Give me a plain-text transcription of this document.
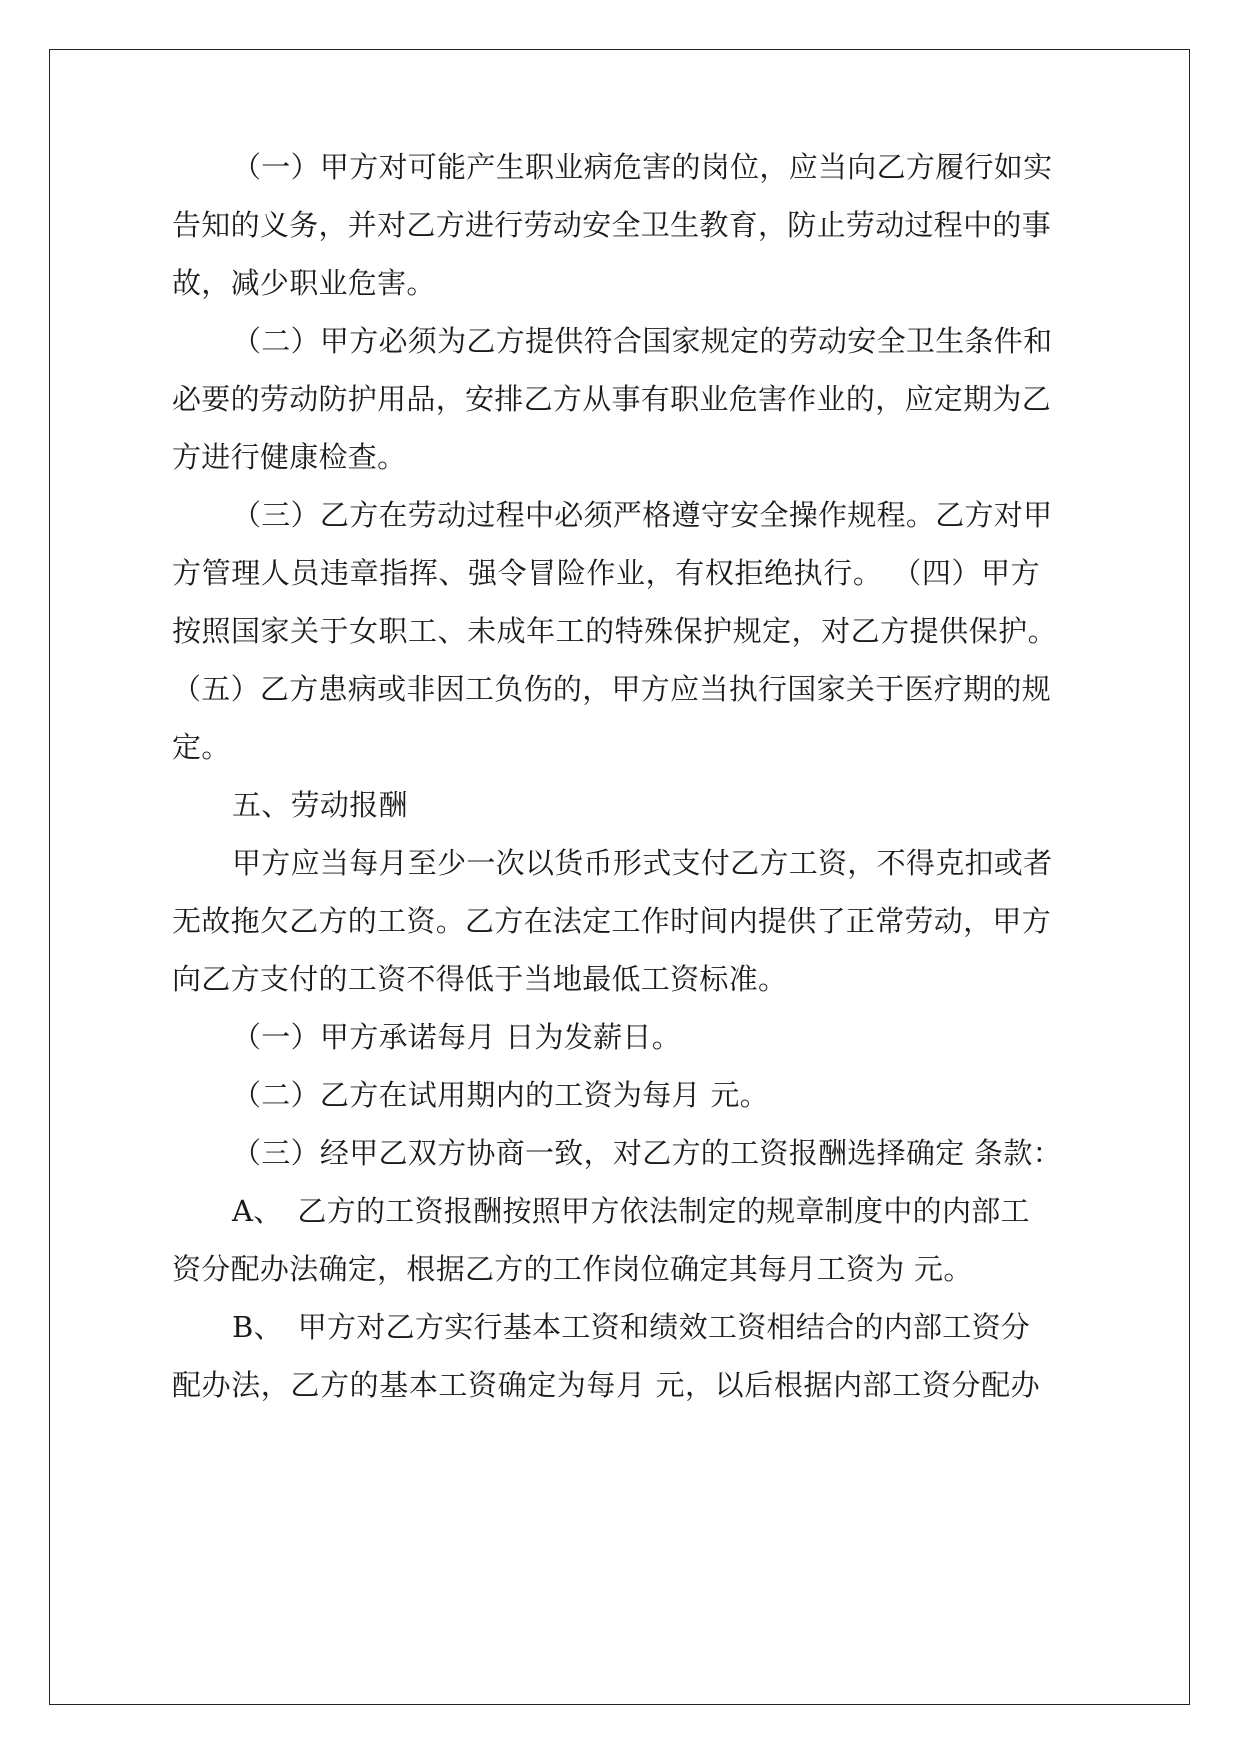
（一）甲方对可能产生职业病危害的岗位，应当向乙方履行如实
告知的义务，并对乙方进行劳动安全卫生教育，防止劳动过程中的事
故，减少职业危害。
（二）甲方必须为乙方提供符合国家规定的劳动安全卫生条件和
必要的劳动防护用品，安排乙方从事有职业危害作业的，应定期为乙
方进行健康检查。
（三）乙方在劳动过程中必须严格遵守安全操作规程。乙方对甲
方管理人员违章指挥、强令冒险作业，有权拒绝执行。 （四）甲方
按照国家关于女职工、未成年工的特殊保护规定，对乙方提供保护。
（五）乙方患病或非因工负伤的，甲方应当执行国家关于医疗期的规
定。
五、劳动报酬
甲方应当每月至少一次以货币形式支付乙方工资，不得克扣或者
无故拖欠乙方的工资。乙方在法定工作时间内提供了正常劳动，甲方
向乙方支付的工资不得低于当地最低工资标准。
（一）甲方承诺每月 日为发薪日。
（二）乙方在试用期内的工资为每月 元。
（三）经甲乙双方协商一致，对乙方的工资报酬选择确定 条款：
A、　乙方的工资报酬按照甲方依法制定的规章制度中的内部工
资分配办法确定，根据乙方的工作岗位确定其每月工资为 元。
B、　甲方对乙方实行基本工资和绩效工资相结合的内部工资分
配办法，乙方的基本工资确定为每月 元，以后根据内部工资分配办
